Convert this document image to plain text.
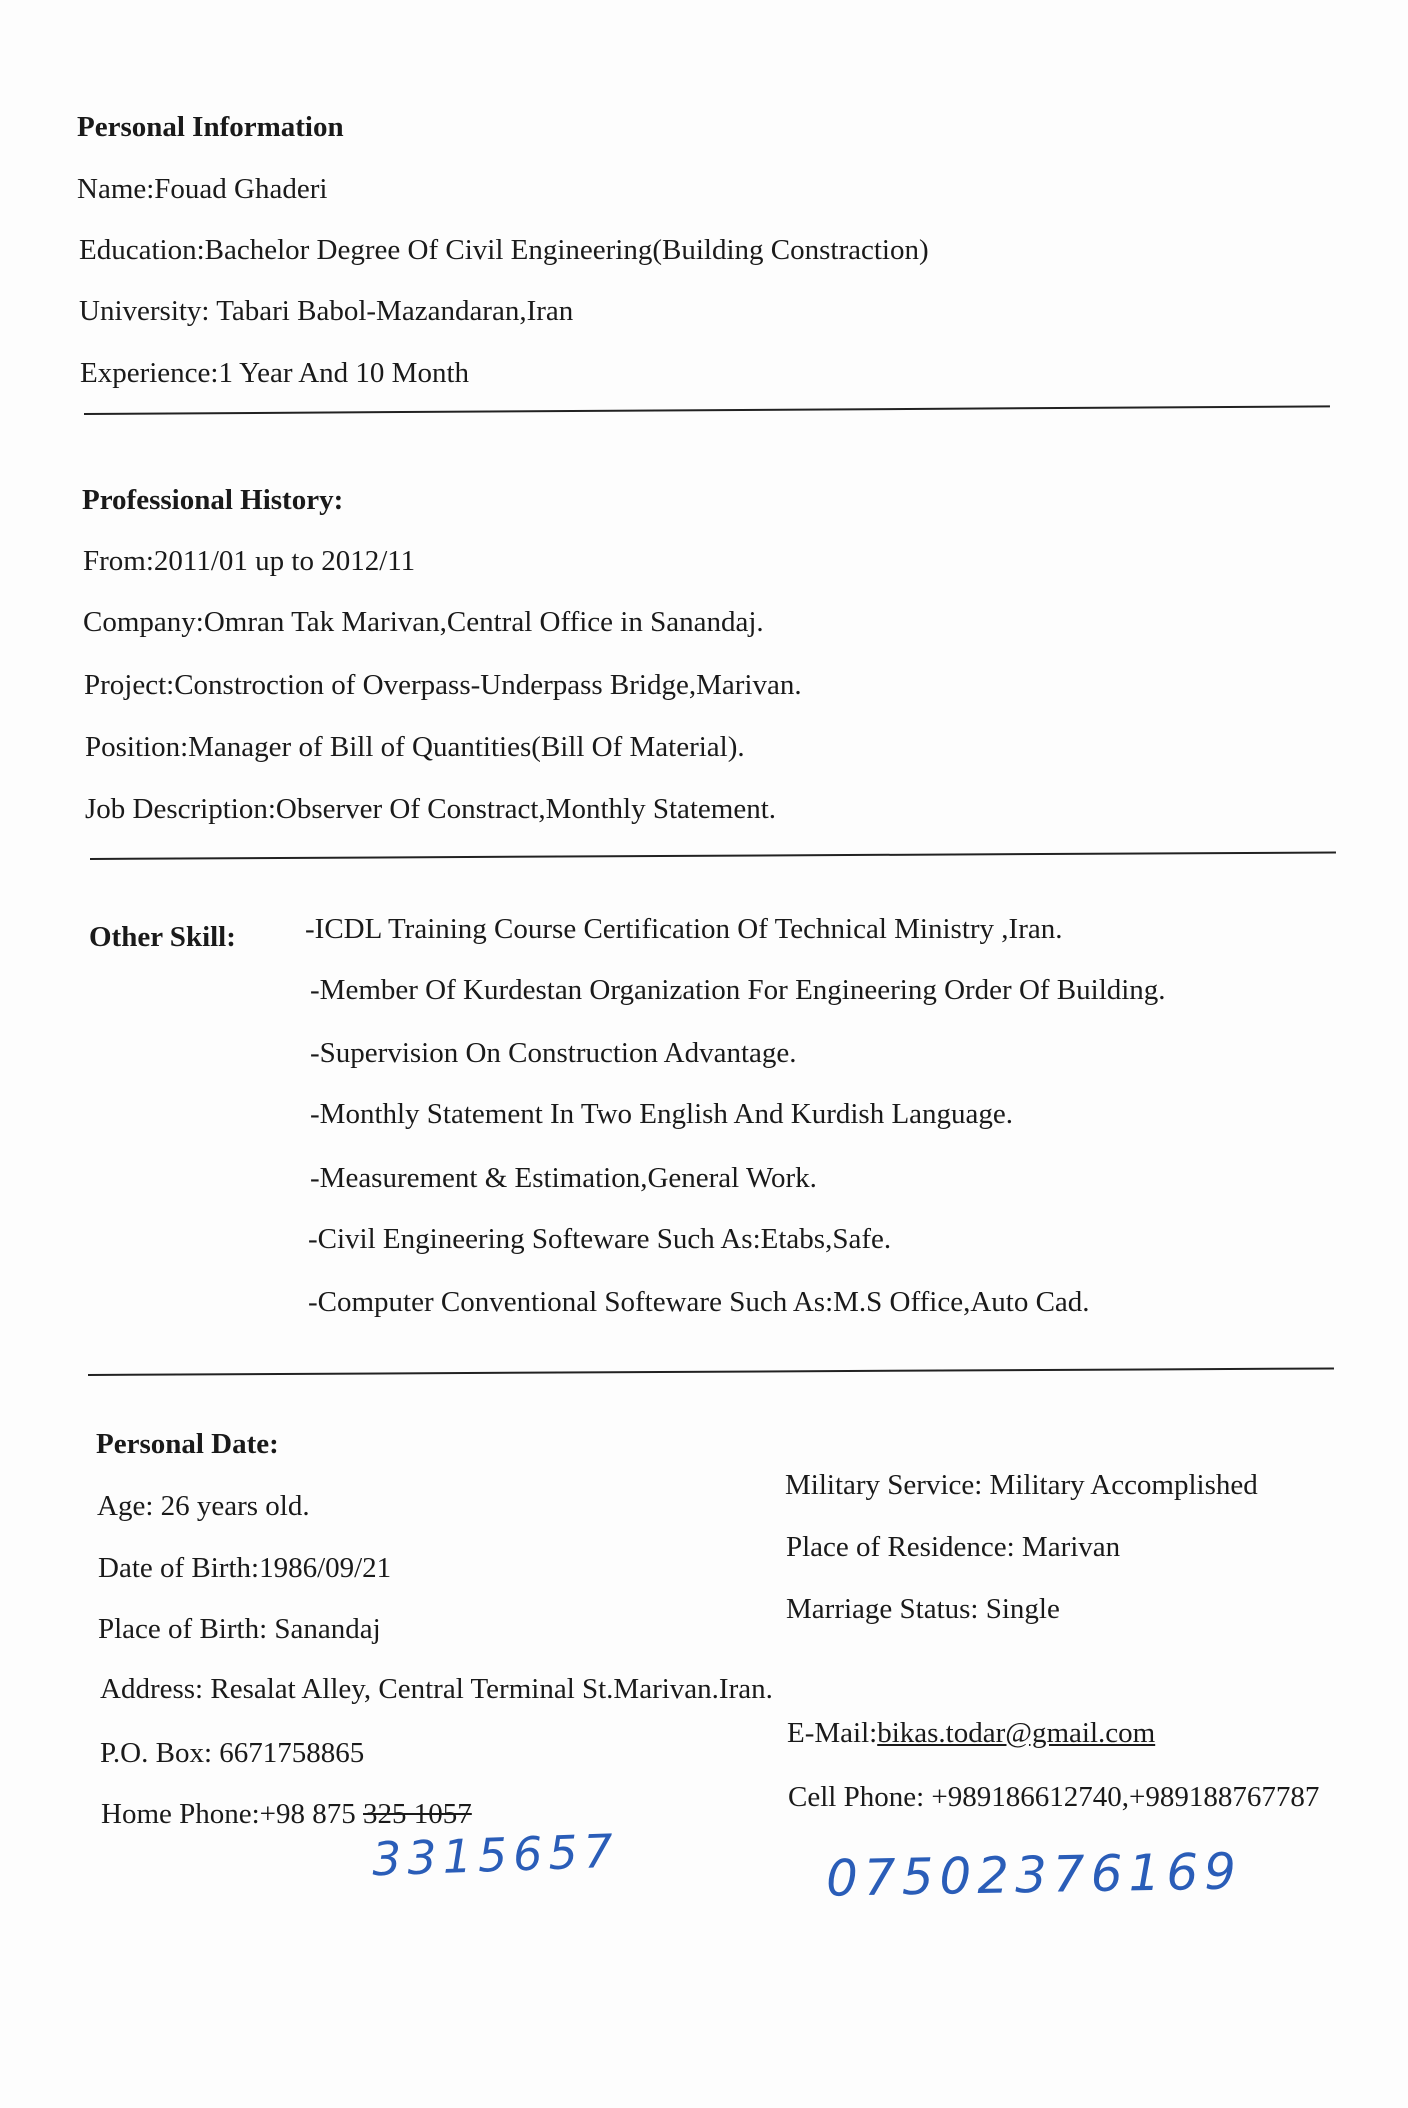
Personal Information
Name:Fouad Ghaderi
Education:Bachelor Degree Of Civil Engineering(Building Constraction)
University: Tabari Babol-Mazandaran,Iran
Experience:1 Year And 10 Month
Professional History:
From:2011/01 up to 2012/11
Company:Omran Tak Marivan,Central Office in Sanandaj.
Project:Constroction of Overpass-Underpass Bridge,Marivan.
Position:Manager of Bill of Quantities(Bill Of Material).
Job Description:Observer Of Constract,Monthly Statement.
Other Skill: -ICDL Training Course Certification Of Technical Ministry ,Iran.
-Member Of Kurdestan Organization For Engineering Order Of Building.
-Supervision On Construction Advantage.
-Monthly Statement In Two English And Kurdish Language.
-Measurement & Estimation,General Work.
-Civil Engineering Softeware Such As:Etabs,Safe.
-Computer Conventional Softeware Such As:M.S Office,Auto Cad.
Personal Date:
Age: 26 years old.
Date of Birth:1986/09/21
Place of Birth: Sanandaj
Address: Resalat Alley, Central Terminal St.Marivan.Iran.
P.O. Box: 6671758865
Home Phone:+98 875 325 1057
Military Service: Military Accomplished
Place of Residence: Marivan
Marriage Status: Single
E-Mail:bikas.todar@gmail.com
Cell Phone: +989186612740,+989188767787
3315657	07502376169
